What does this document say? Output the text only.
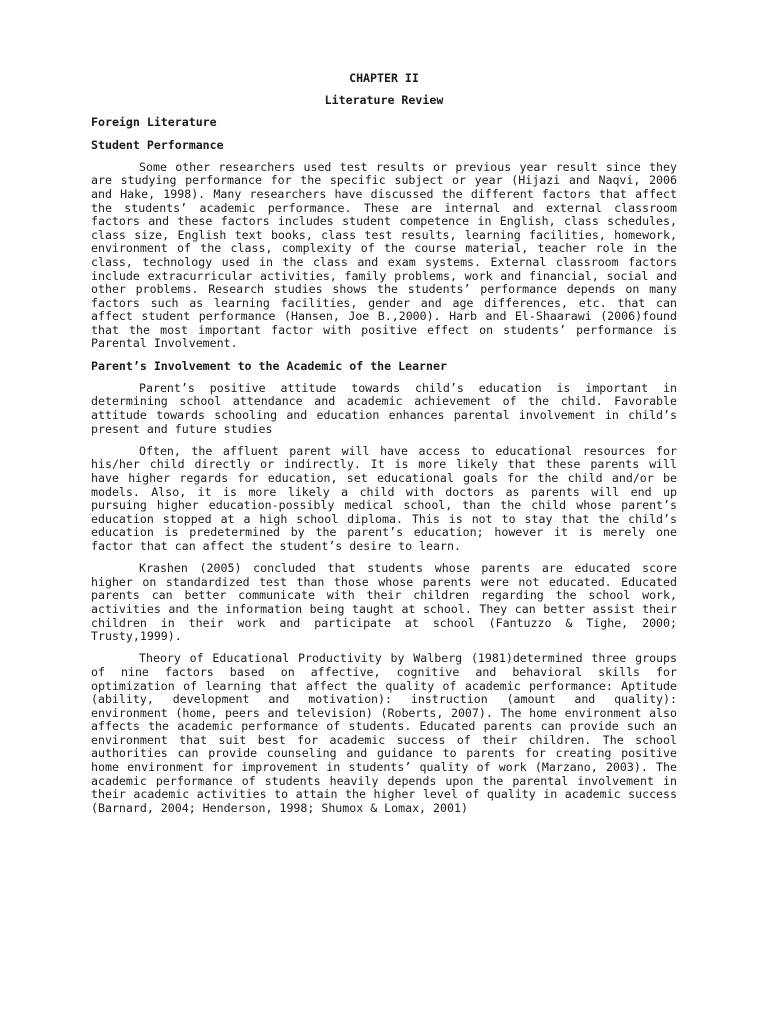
CHAPTER II

Literature Review

Foreign Literature

Student Performance

Some other researchers used test results or previous year result since they are studying performance for the specific subject or year (Hijazi and Naqvi, 2006 and Hake, 1998). Many researchers have discussed the different factors that affect the students’ academic performance. These are internal and external classroom factors and these factors includes student competence in English, class schedules, class size, English text books, class test results, learning facilities, homework, environment of the class, complexity of the course material, teacher role in the class, technology used in the class and exam systems. External classroom factors include extracurricular activities, family problems, work and financial, social and other problems. Research studies shows the students’ performance depends on many factors such as learning facilities, gender and age differences, etc. that can affect student performance (Hansen, Joe B.,2000). Harb and El-Shaarawi (2006)found that the most important factor with positive effect on students’ performance is Parental Involvement.

Parent’s Involvement to the Academic of the Learner

Parent’s positive attitude towards child’s education is important in determining school attendance and academic achievement of the child. Favorable attitude towards schooling and education enhances parental involvement in child’s present and future studies

Often, the affluent parent will have access to educational resources for his/her child directly or indirectly. It is more likely that these parents will have higher regards for education, set educational goals for the child and/or be models. Also, it is more likely a child with doctors as parents will end up pursuing higher education-possibly medical school, than the child whose parent’s education stopped at a high school diploma. This is not to stay that the child’s education is predetermined by the parent’s education; however it is merely one factor that can affect the student’s desire to learn.

Krashen (2005) concluded that students whose parents are educated score higher on standardized test than those whose parents were not educated. Educated parents can better communicate with their children regarding the school work, activities and the information being taught at school. They can better assist their children in their work and participate at school (Fantuzzo & Tighe, 2000; Trusty,1999).

Theory of Educational Productivity by Walberg (1981)determined three groups of nine factors based on affective, cognitive and behavioral skills for optimization of learning that affect the quality of academic performance: Aptitude (ability, development and motivation): instruction (amount and quality): environment (home, peers and television) (Roberts, 2007). The home environment also affects the academic performance of students. Educated parents can provide such an environment that suit best for academic success of their children. The school authorities can provide counseling and guidance to parents for creating positive home environment for improvement in students’ quality of work (Marzano, 2003). The academic performance of students heavily depends upon the parental involvement in their academic activities to attain the higher level of quality in academic success (Barnard, 2004; Henderson, 1998; Shumox & Lomax, 2001)
